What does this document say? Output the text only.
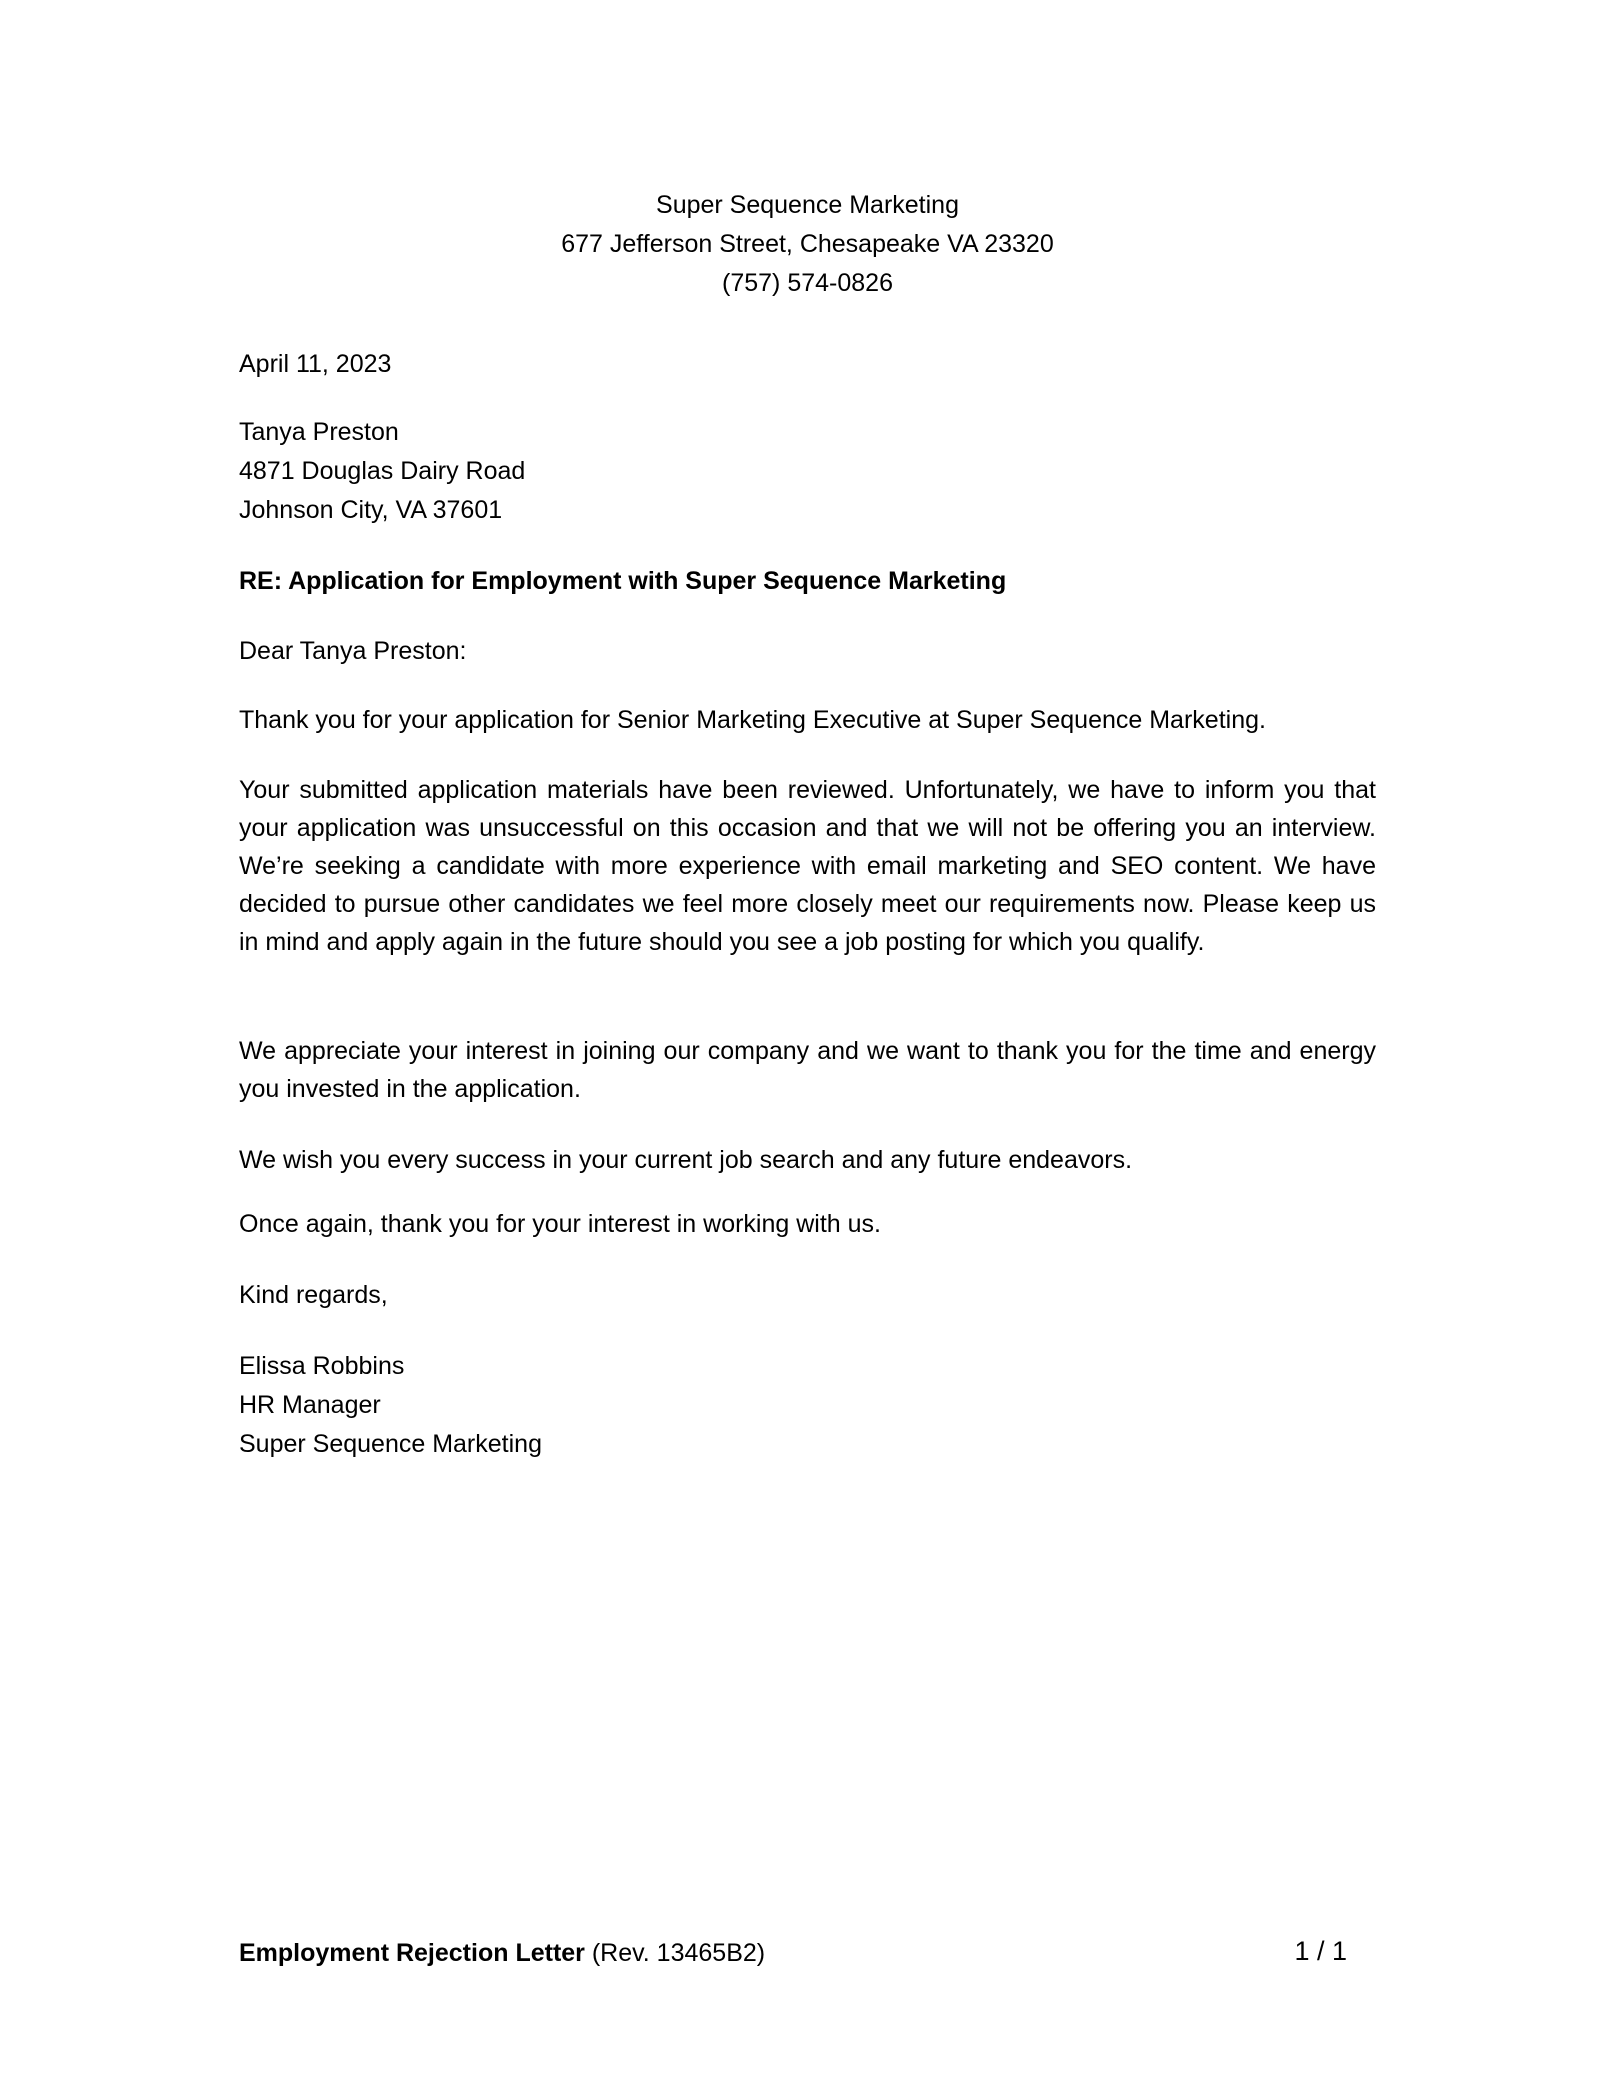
Super Sequence Marketing
677 Jefferson Street, Chesapeake VA 23320
(757) 574-0826
April 11, 2023
Tanya Preston
4871 Douglas Dairy Road
Johnson City, VA 37601
RE: Application for Employment with Super Sequence Marketing
Dear Tanya Preston:
Thank you for your application for Senior Marketing Executive at Super Sequence Marketing.
Your submitted application materials have been reviewed. Unfortunately, we have to inform you that your application was unsuccessful on this occasion and that we will not be offering you an interview. We’re seeking a candidate with more experience with email marketing and SEO content. We have decided to pursue other candidates we feel more closely meet our requirements now. Please keep us in mind and apply again in the future should you see a job posting for which you qualify.
We appreciate your interest in joining our company and we want to thank you for the time and energy you invested in the application.
We wish you every success in your current job search and any future endeavors.
Once again, thank you for your interest in working with us.
Kind regards,
Elissa Robbins
HR Manager
Super Sequence Marketing
Employment Rejection Letter (Rev. 13465B2)	1 / 1
